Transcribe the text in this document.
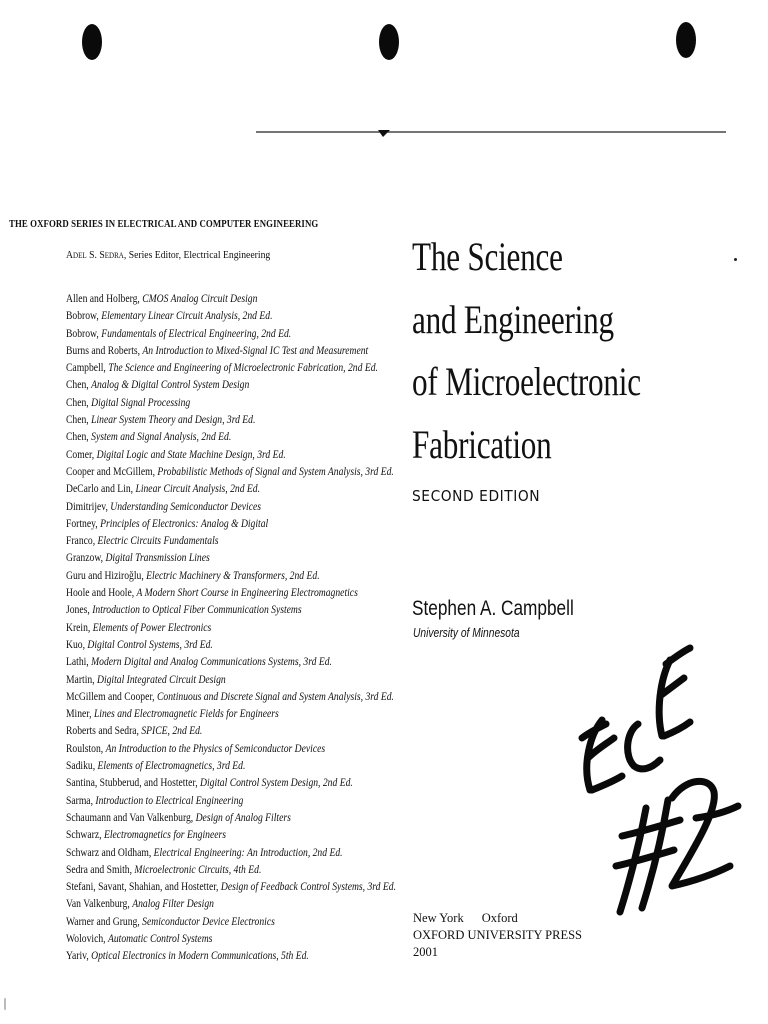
THE OXFORD SERIES IN ELECTRICAL AND COMPUTER ENGINEERING
Adel S. Sedra, Series Editor, Electrical Engineering
Allen and Holberg, CMOS Analog Circuit Design
Bobrow, Elementary Linear Circuit Analysis, 2nd Ed.
Bobrow, Fundamentals of Electrical Engineering, 2nd Ed.
Burns and Roberts, An Introduction to Mixed-Signal IC Test and Measurement
Campbell, The Science and Engineering of Microelectronic Fabrication, 2nd Ed.
Chen, Analog & Digital Control System Design
Chen, Digital Signal Processing
Chen, Linear System Theory and Design, 3rd Ed.
Chen, System and Signal Analysis, 2nd Ed.
Comer, Digital Logic and State Machine Design, 3rd Ed.
Cooper and McGillem, Probabilistic Methods of Signal and System Analysis, 3rd Ed.
DeCarlo and Lin, Linear Circuit Analysis, 2nd Ed.
Dimitrijev, Understanding Semiconductor Devices
Fortney, Principles of Electronics: Analog & Digital
Franco, Electric Circuits Fundamentals
Granzow, Digital Transmission Lines
Guru and Hiziroğlu, Electric Machinery & Transformers, 2nd Ed.
Hoole and Hoole, A Modern Short Course in Engineering Electromagnetics
Jones, Introduction to Optical Fiber Communication Systems
Krein, Elements of Power Electronics
Kuo, Digital Control Systems, 3rd Ed.
Lathi, Modern Digital and Analog Communications Systems, 3rd Ed.
Martin, Digital Integrated Circuit Design
McGillem and Cooper, Continuous and Discrete Signal and System Analysis, 3rd Ed.
Miner, Lines and Electromagnetic Fields for Engineers
Roberts and Sedra, SPICE, 2nd Ed.
Roulston, An Introduction to the Physics of Semiconductor Devices
Sadiku, Elements of Electromagnetics, 3rd Ed.
Santina, Stubberud, and Hostetter, Digital Control System Design, 2nd Ed.
Sarma, Introduction to Electrical Engineering
Schaumann and Van Valkenburg, Design of Analog Filters
Schwarz, Electromagnetics for Engineers
Schwarz and Oldham, Electrical Engineering: An Introduction, 2nd Ed.
Sedra and Smith, Microelectronic Circuits, 4th Ed.
Stefani, Savant, Shahian, and Hostetter, Design of Feedback Control Systems, 3rd Ed.
Van Valkenburg, Analog Filter Design
Warner and Grung, Semiconductor Device Electronics
Wolovich, Automatic Control Systems
Yariv, Optical Electronics in Modern Communications, 5th Ed.
The Science
and Engineering
of Microelectronic
Fabrication
SECOND EDITION
Stephen A. Campbell
University of Minnesota
New York Oxford
OXFORD UNIVERSITY PRESS
2001
